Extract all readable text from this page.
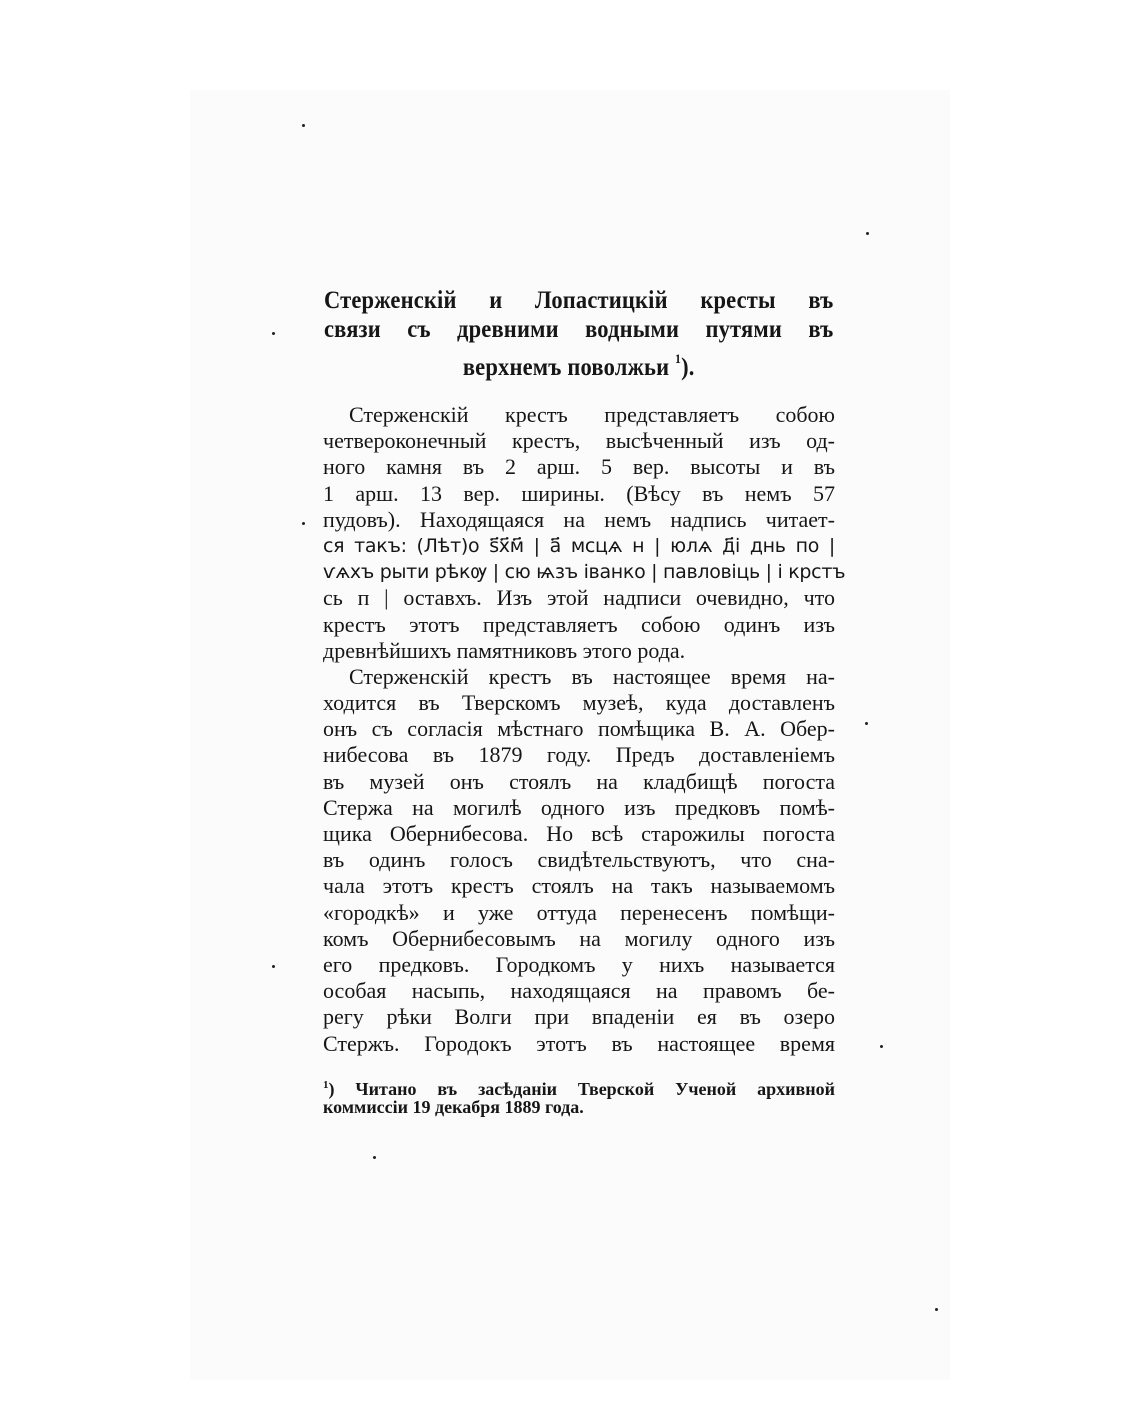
Стерженскій и Лопастицкій кресты въ
связи съ древними водными путями въ
верхнемъ поволжьи $^1$).
Стерженскій крестъ представляетъ собою
четвероконечный крестъ, высѣченный изъ од-
ного камня въ 2 арш. 5 вер. высоты и въ
1 арш. 13 вер. ширины. (Вѣсу въ немъ 57
пудовъ). Находящаяся на немъ надпись читает-
ся такъ: (Лѣт)о ѕ҃х҃м҃ | а҃ мсцѧ н | юлѧ д҃і днь по |
ѵѧхъ рыти рѣкѹ | сю ѩзъ іванко | павловіць | і крстъ
сь п | оставхъ. Изъ этой надписи очевидно, что
крестъ этотъ представляетъ собою одинъ изъ
древнѣйшихъ памятниковъ этого рода.
Стерженскій крестъ въ настоящее время на-
ходится въ Тверскомъ музеѣ, куда доставленъ
онъ съ согласія мѣстнаго помѣщика В. А. Обер-
нибесова въ 1879 году. Предъ доставленіемъ
въ музей онъ стоялъ на кладбищѣ погоста
Стержа на могилѣ одного изъ предковъ помѣ-
щика Обернибесова. Но всѣ старожилы погоста
въ одинъ голосъ свидѣтельствуютъ, что сна-
чала этотъ крестъ стоялъ на такъ называемомъ
«городкѣ» и уже оттуда перенесенъ помѣщи-
комъ Обернибесовымъ на могилу одного изъ
его предковъ. Городкомъ у нихъ называется
особая насыпь, находящаяся на правомъ бе-
регу рѣки Волги при впаденіи ея въ озеро
Стержъ. Городокъ этотъ въ настоящее время
$^1$) Читано въ засѣданіи Тверской Ученой архивной
коммиссіи 19 декабря 1889 года.
